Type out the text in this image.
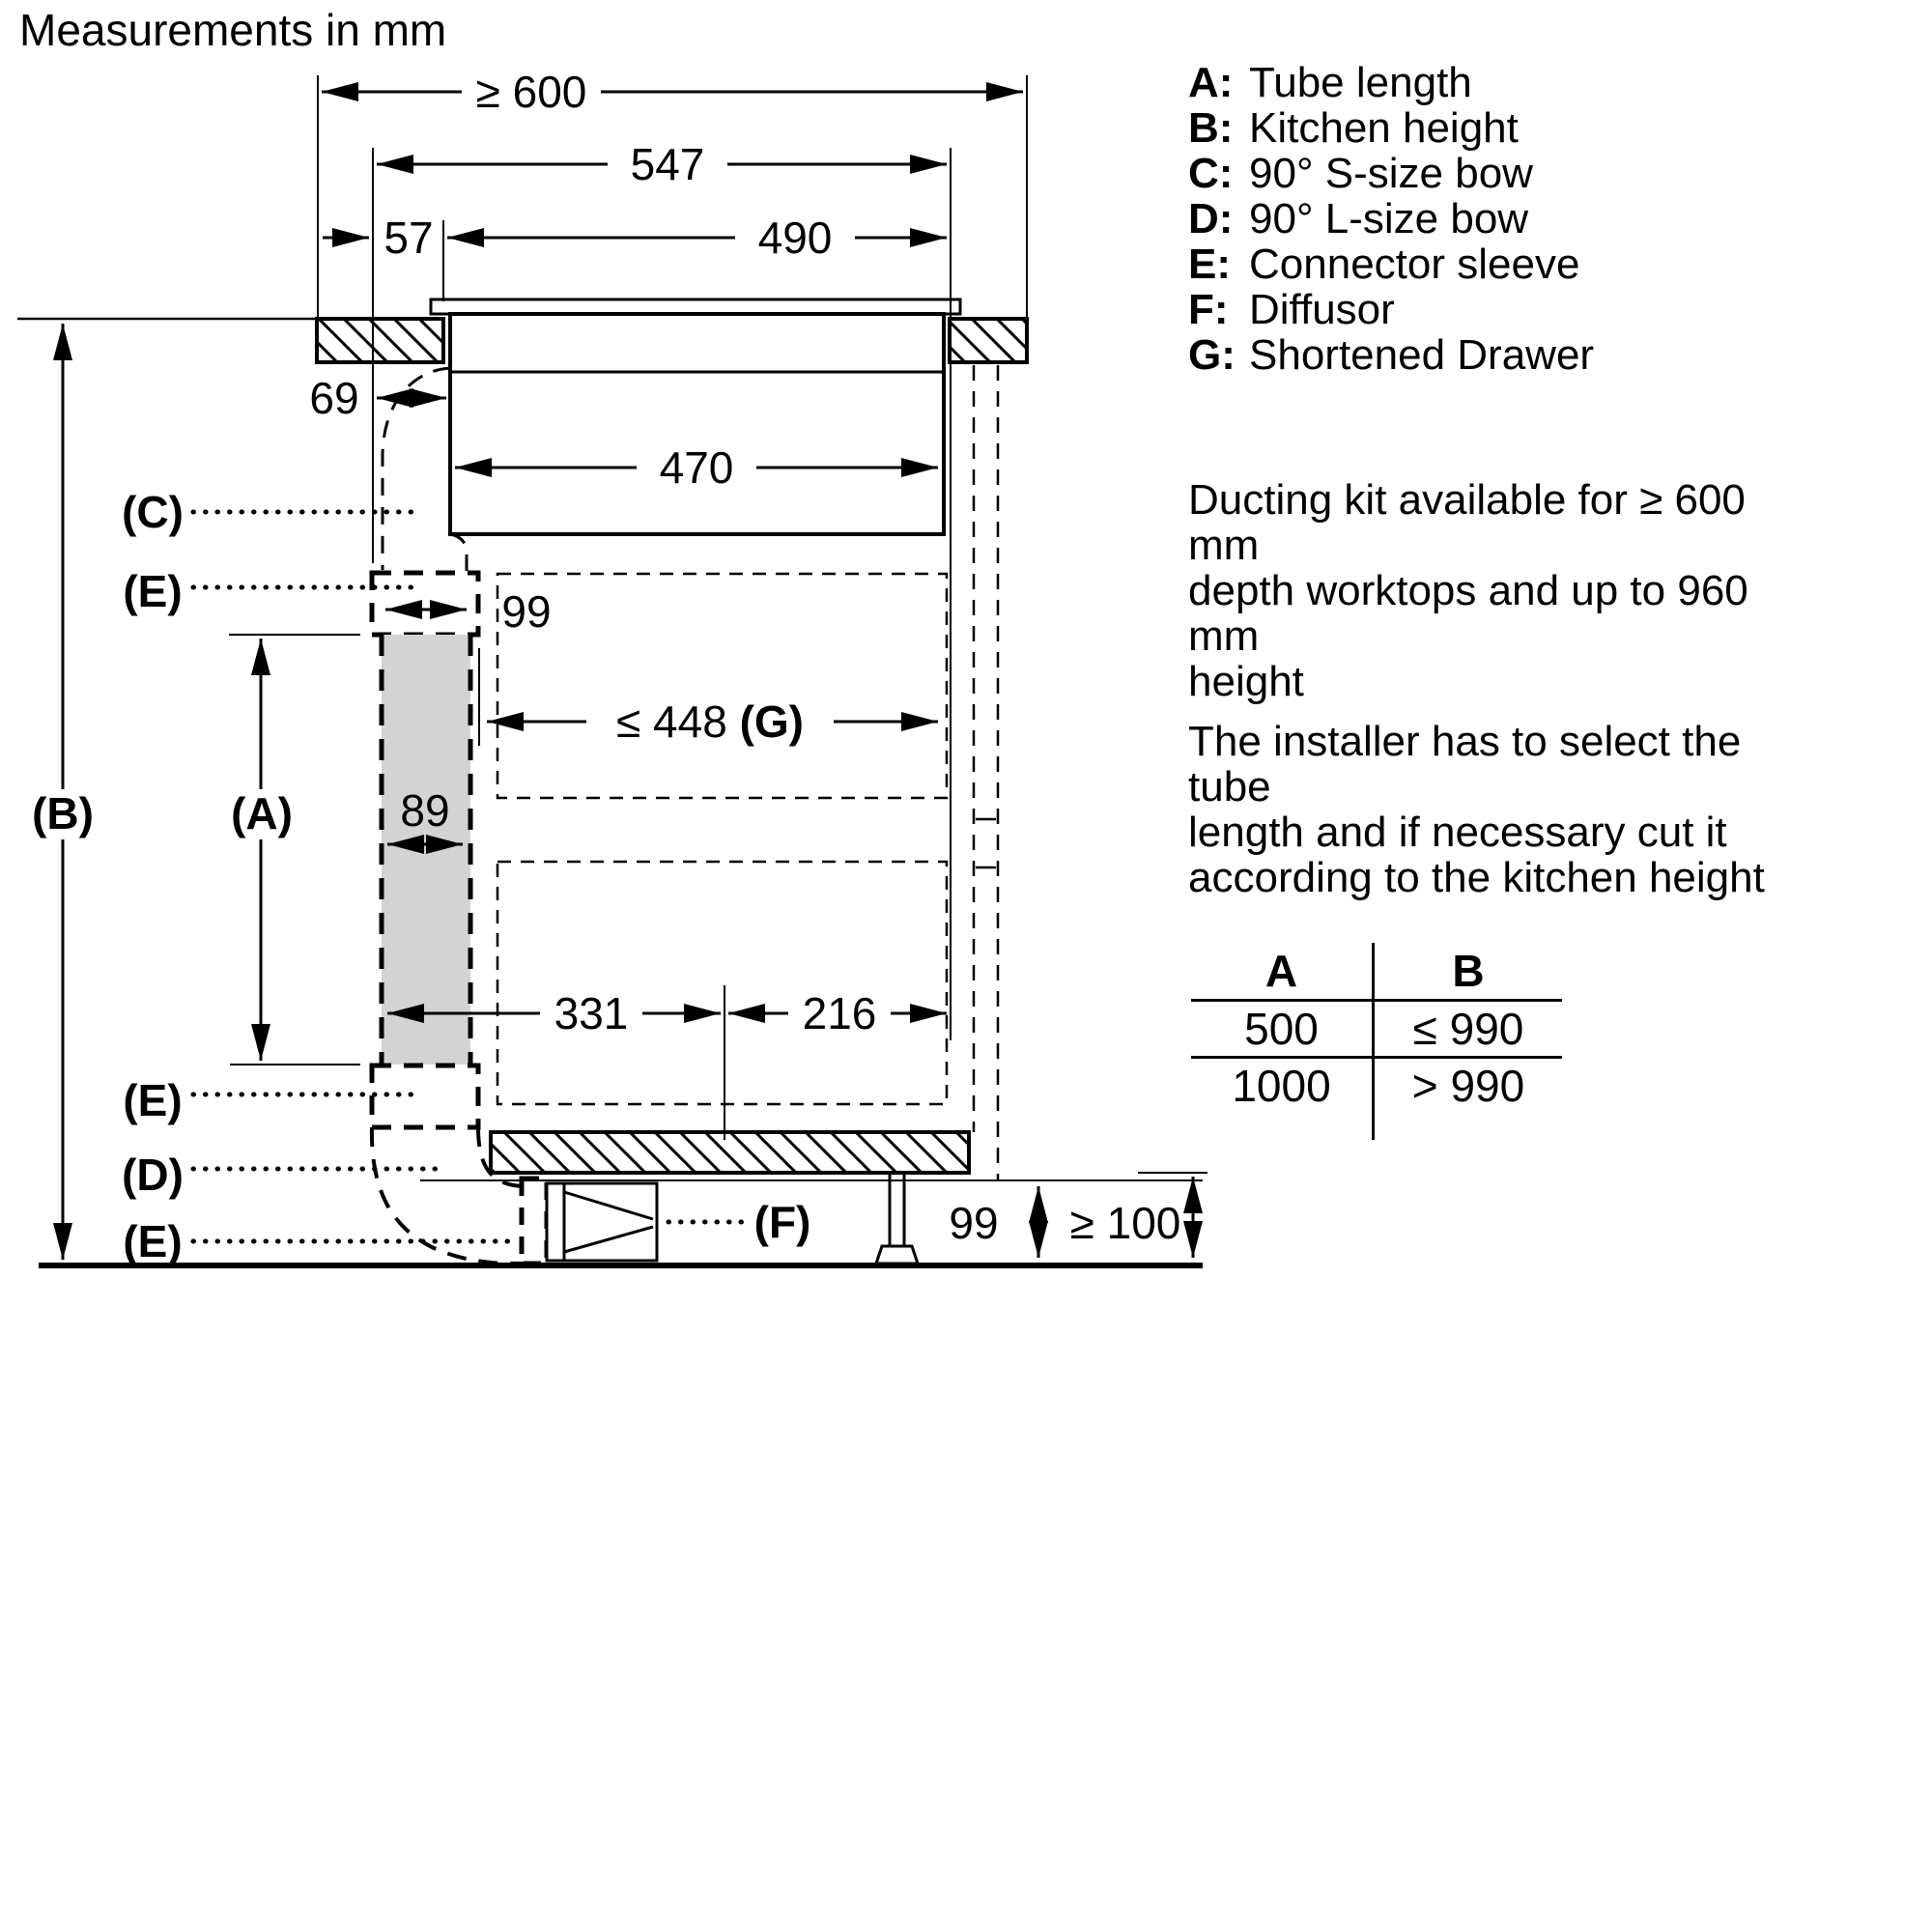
Measurements in mm
≥ 600
547
57	490
69
470
99
≤ 448 (G)
89
331	216
99 ≥ 100
(B)	(A)
(C)
(E)
(E)
(D)
(E)	(F)
A: Tube length
B: Kitchen height
C: 90° S-size bow
D: 90° L-size bow
E: Connector sleeve
F: Diffusor
G: Shortened Drawer
Ducting kit available for ≥ 600 mm
depth worktops and up to 960 mm
height
The installer has to select the tube
length and if necessary cut it
according to the kitchen height
A	B
500	≤ 990
1000	> 990
